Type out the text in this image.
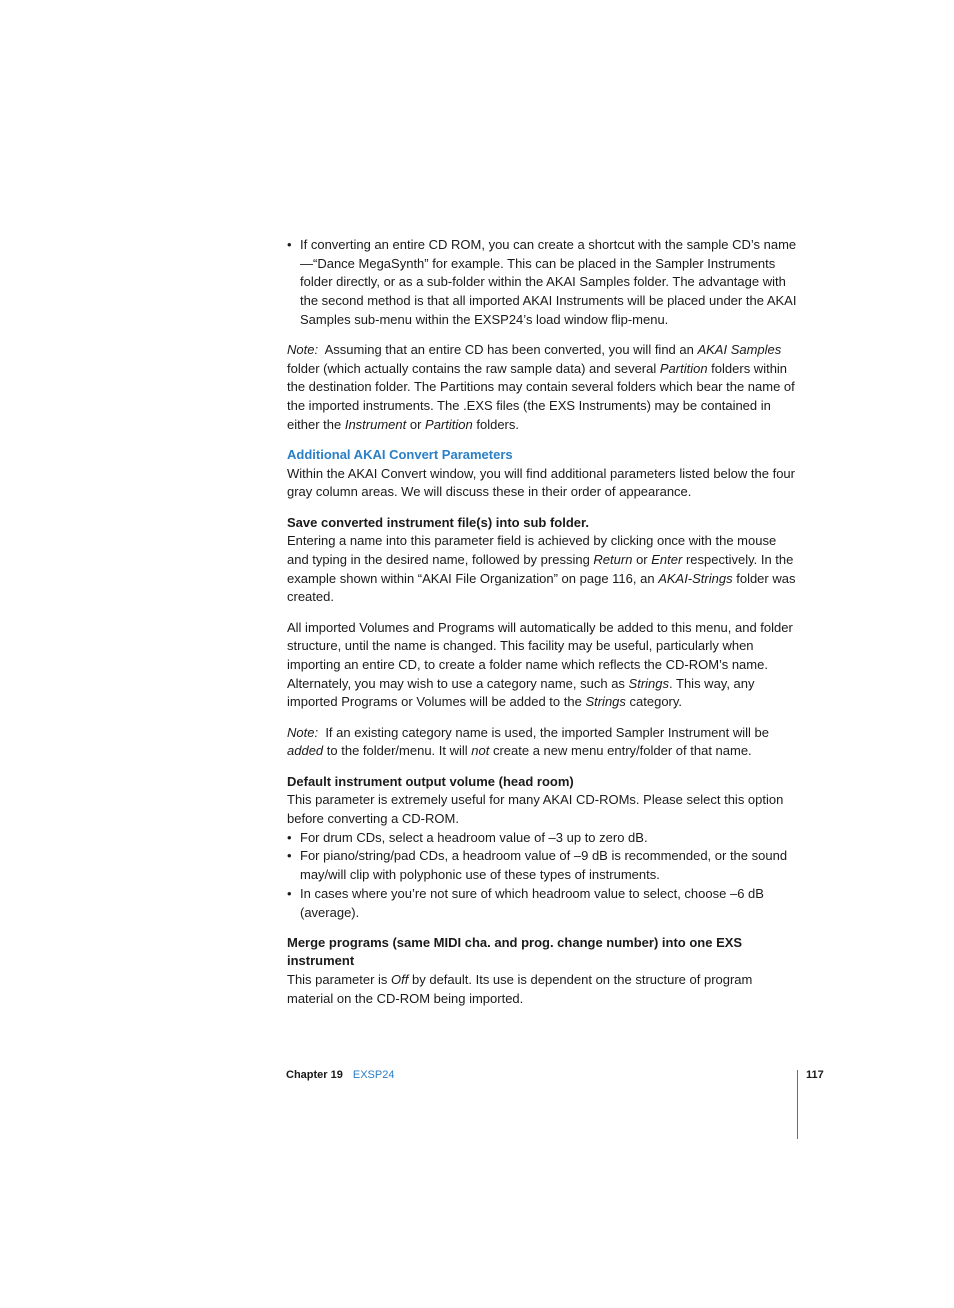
• If converting an entire CD ROM, you can create a shortcut with the sample CD’s name—“Dance MegaSynth” for example. This can be placed in the Sampler Instruments folder directly, or as a sub-folder within the AKAI Samples folder. The advantage with the second method is that all imported AKAI Instruments will be placed under the AKAI Samples sub-menu within the EXSP24’s load window flip-menu.

Note: Assuming that an entire CD has been converted, you will find an AKAI Samples folder (which actually contains the raw sample data) and several Partition folders within the destination folder. The Partitions may contain several folders which bear the name of the imported instruments. The .EXS files (the EXS Instruments) may be contained in either the Instrument or Partition folders.

Additional AKAI Convert Parameters

Within the AKAI Convert window, you will find additional parameters listed below the four gray column areas. We will discuss these in their order of appearance.

Save converted instrument file(s) into sub folder.

Entering a name into this parameter field is achieved by clicking once with the mouse and typing in the desired name, followed by pressing Return or Enter respectively. In the example shown within “AKAI File Organization” on page 116, an AKAI-Strings folder was created.

All imported Volumes and Programs will automatically be added to this menu, and folder structure, until the name is changed. This facility may be useful, particularly when importing an entire CD, to create a folder name which reflects the CD-ROM’s name. Alternately, you may wish to use a category name, such as Strings. This way, any imported Programs or Volumes will be added to the Strings category.

Note: If an existing category name is used, the imported Sampler Instrument will be added to the folder/menu. It will not create a new menu entry/folder of that name.

Default instrument output volume (head room)

This parameter is extremely useful for many AKAI CD-ROMs. Please select this option before converting a CD-ROM.

• For drum CDs, select a headroom value of –3 up to zero dB.
• For piano/string/pad CDs, a headroom value of –9 dB is recommended, or the sound may/will clip with polyphonic use of these types of instruments.
• In cases where you’re not sure of which headroom value to select, choose –6 dB (average).

Merge programs (same MIDI cha. and prog. change number) into one EXS instrument

This parameter is Off by default. Its use is dependent on the structure of program material on the CD-ROM being imported.

Chapter 19 EXSP24	117
